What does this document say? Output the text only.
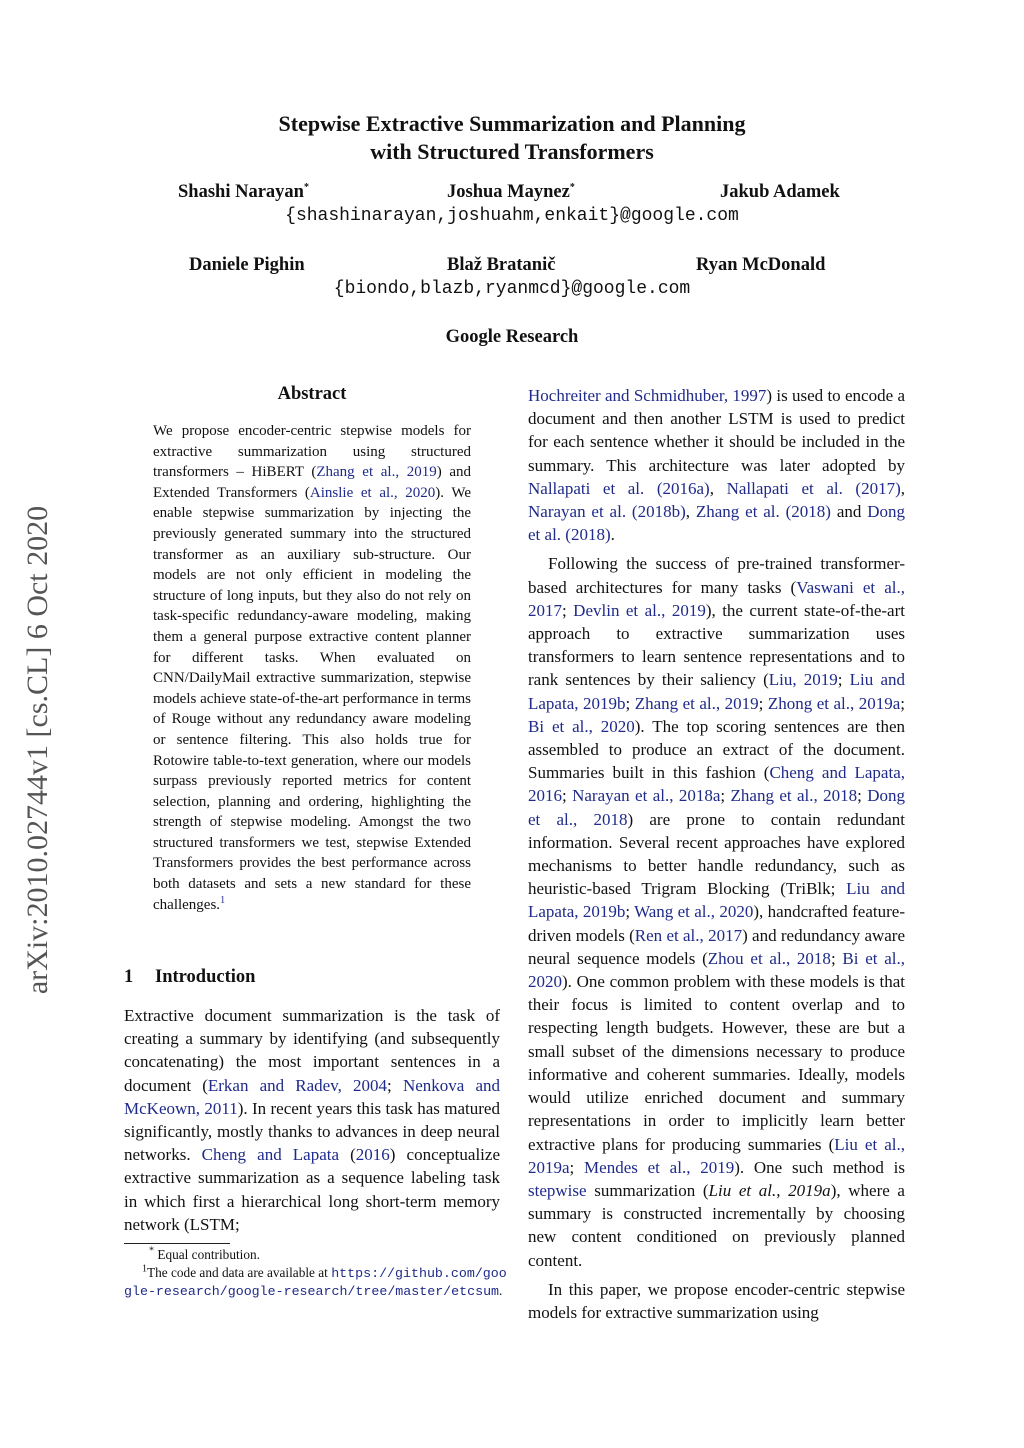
arXiv:2010.02744v1 [cs.CL] 6 Oct 2020
Stepwise Extractive Summarization and Planning
with Structured Transformers
Shashi Narayan*	Joshua Maynez*	Jakub Adamek
{shashinarayan,joshuahm,enkait}@google.com
Daniele Pighin	Blaž Bratanič	Ryan McDonald
{biondo,blazb,ryanmcd}@google.com
Google Research
Abstract
We propose encoder-centric stepwise models for extractive summarization using structured transformers – HiBERT (Zhang et al., 2019) and Extended Transformers (Ainslie et al., 2020). We enable stepwise summarization by injecting the previously generated summary into the structured transformer as an auxiliary sub-structure. Our models are not only efficient in modeling the structure of long inputs, but they also do not rely on task-specific redundancy-aware modeling, making them a general purpose extractive content planner for different tasks. When evaluated on CNN/DailyMail extractive summarization, stepwise models achieve state-of-the-art performance in terms of Rouge without any redundancy aware modeling or sentence filtering. This also holds true for Rotowire table-to-text generation, where our models surpass previously reported metrics for content selection, planning and ordering, highlighting the strength of stepwise modeling. Amongst the two structured transformers we test, stepwise Extended Transformers provides the best performance across both datasets and sets a new standard for these challenges.$^1$
1 Introduction

Extractive document summarization is the task of creating a summary by identifying (and subsequently concatenating) the most important sentences in a document (Erkan and Radev, 2004; Nenkova and McKeown, 2011). In recent years this task has matured significantly, mostly thanks to advances in deep neural networks. Cheng and Lapata (2016) conceptualize extractive summarization as a sequence labeling task in which first a hierarchical long short-term memory network (LSTM;

* Equal contribution.
$^1$The code and data are available at https://github.com/google-research/google-research/tree/master/etcsum.

Hochreiter and Schmidhuber, 1997) is used to encode a document and then another LSTM is used to predict for each sentence whether it should be included in the summary. This architecture was later adopted by Nallapati et al. (2016a), Nallapati et al. (2017), Narayan et al. (2018b), Zhang et al. (2018) and Dong et al. (2018).

Following the success of pre-trained transformer-based architectures for many tasks (Vaswani et al., 2017; Devlin et al., 2019), the current state-of-the-art approach to extractive summarization uses transformers to learn sentence representations and to rank sentences by their saliency (Liu, 2019; Liu and Lapata, 2019b; Zhang et al., 2019; Zhong et al., 2019a; Bi et al., 2020). The top scoring sentences are then assembled to produce an extract of the document. Summaries built in this fashion (Cheng and Lapata, 2016; Narayan et al., 2018a; Zhang et al., 2018; Dong et al., 2018) are prone to contain redundant information. Several recent approaches have explored mechanisms to better handle redundancy, such as heuristic-based Trigram Blocking (TriBlk; Liu and Lapata, 2019b; Wang et al., 2020), handcrafted feature-driven models (Ren et al., 2017) and redundancy aware neural sequence models (Zhou et al., 2018; Bi et al., 2020). One common problem with these models is that their focus is limited to content overlap and to respecting length budgets. However, these are but a small subset of the dimensions necessary to produce informative and coherent summaries. Ideally, models would utilize enriched document and summary representations in order to implicitly learn better extractive plans for producing summaries (Liu et al., 2019a; Mendes et al., 2019). One such method is stepwise summarization (Liu et al., 2019a), where a summary is constructed incrementally by choosing new content conditioned on previously planned content.

In this paper, we propose encoder-centric stepwise models for extractive summarization using
